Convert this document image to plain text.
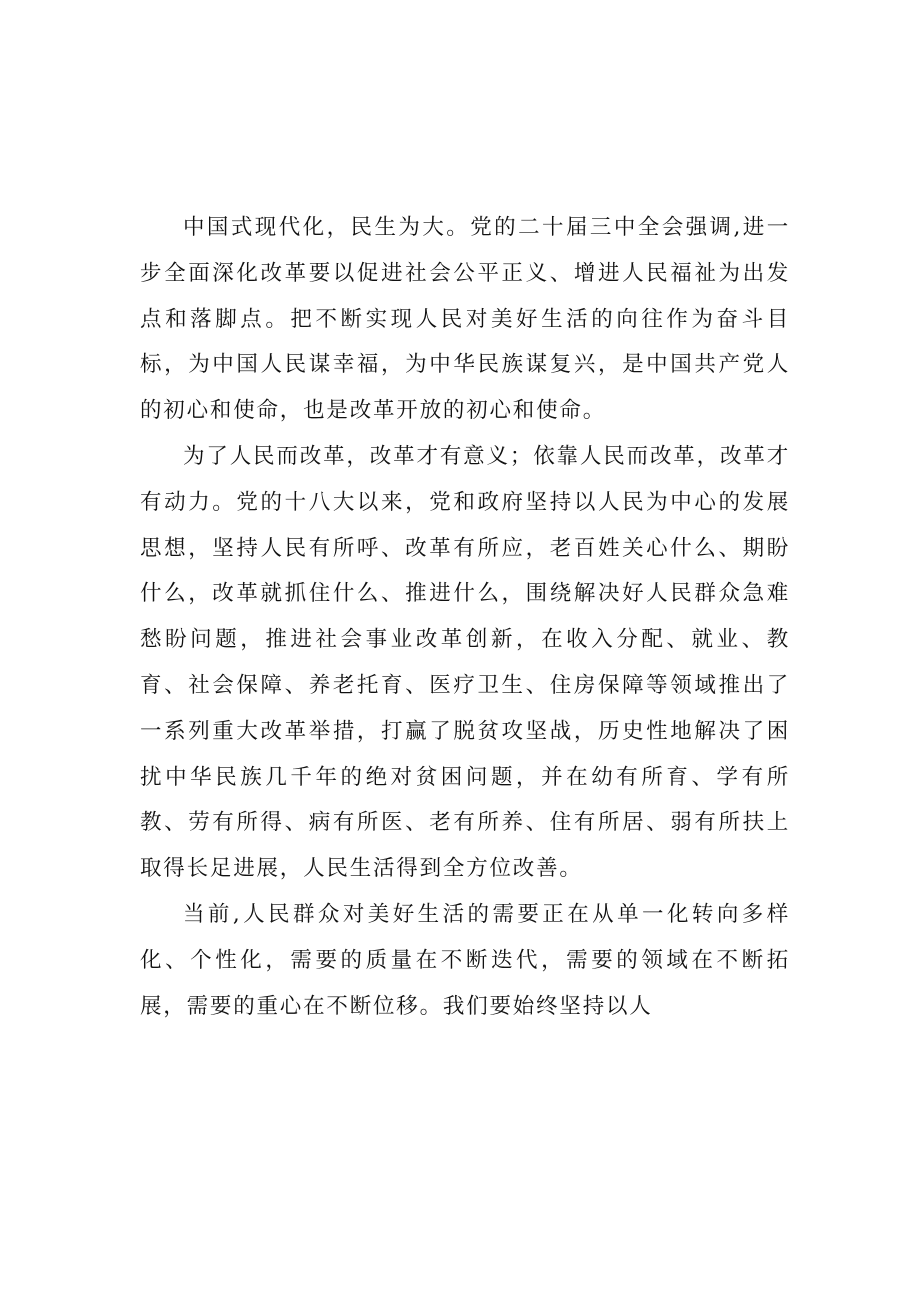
中国式现代化，民生为大。党的二十届三中全会强调,进一步全面深化改革要以促进社会公平正义、增进人民福祉为出发点和落脚点。把不断实现人民对美好生活的向往作为奋斗目标，为中国人民谋幸福，为中华民族谋复兴，是中国共产党人的初心和使命，也是改革开放的初心和使命。

为了人民而改革，改革才有意义；依靠人民而改革，改革才有动力。党的十八大以来，党和政府坚持以人民为中心的发展思想，坚持人民有所呼、改革有所应，老百姓关心什么、期盼什么，改革就抓住什么、推进什么，围绕解决好人民群众急难愁盼问题，推进社会事业改革创新，在收入分配、就业、教育、社会保障、养老托育、医疗卫生、住房保障等领域推出了一系列重大改革举措，打赢了脱贫攻坚战，历史性地解决了困扰中华民族几千年的绝对贫困问题，并在幼有所育、学有所教、劳有所得、病有所医、老有所养、住有所居、弱有所扶上取得长足进展，人民生活得到全方位改善。

当前,人民群众对美好生活的需要正在从单一化转向多样化、个性化，需要的质量在不断迭代，需要的领域在不断拓展，需要的重心在不断位移。我们要始终坚持以人
